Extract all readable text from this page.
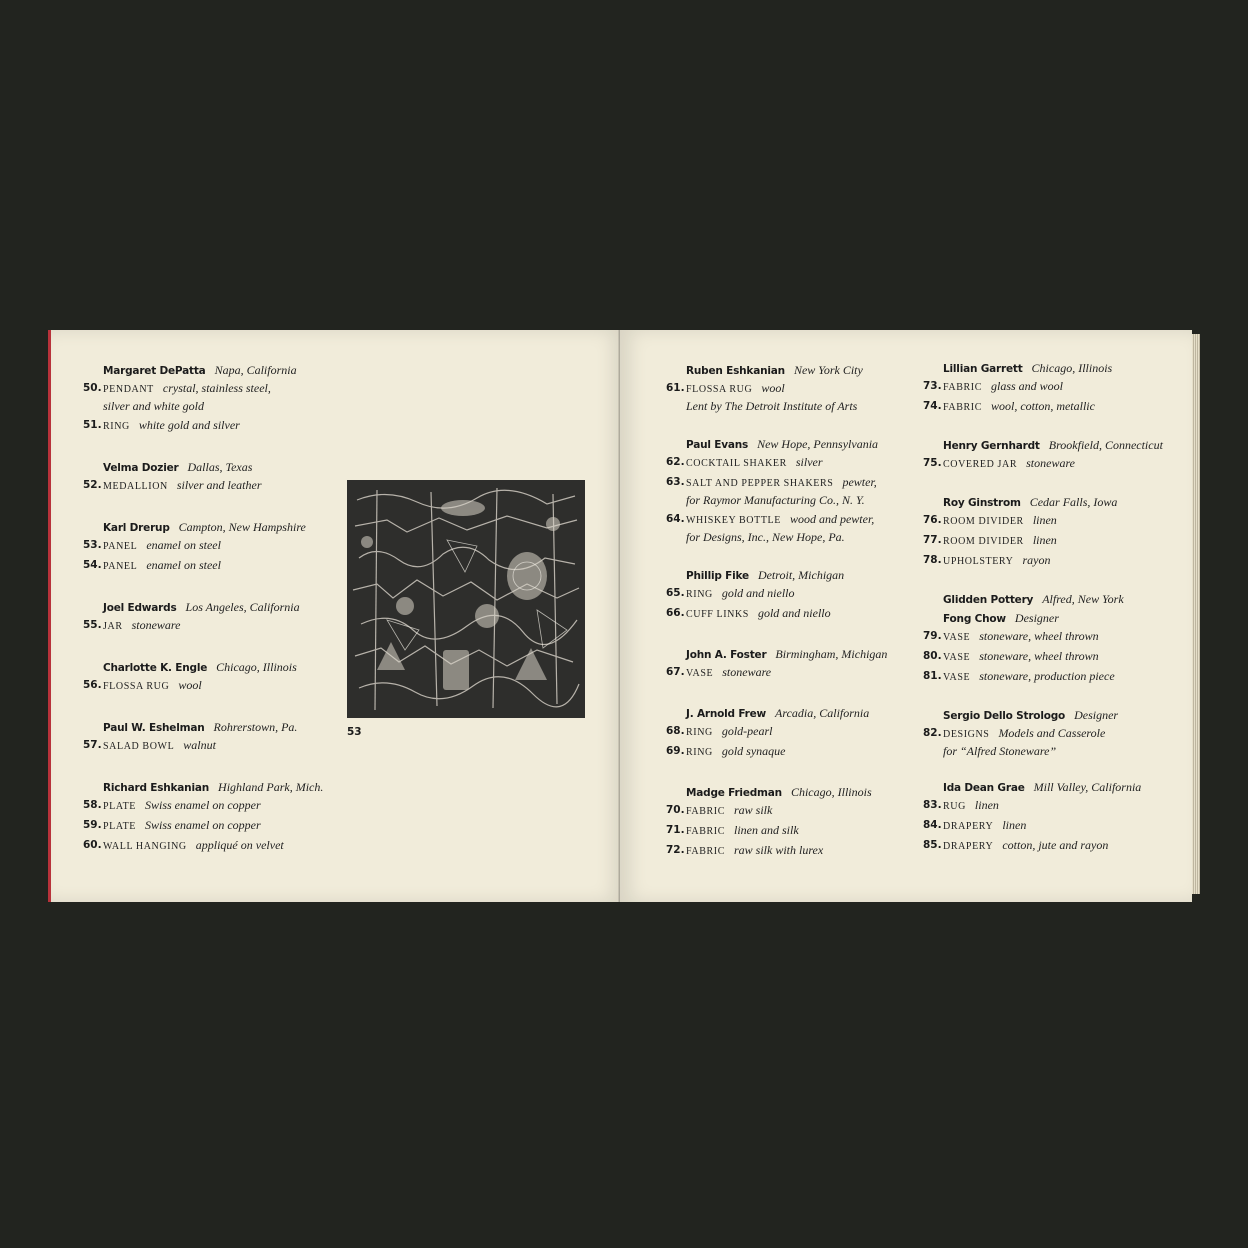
Margaret DePatta Napa, California
50. PENDANT crystal, stainless steel,
silver and white gold
51. RING white gold and silver
Velma Dozier Dallas, Texas
52. MEDALLION silver and leather
Karl Drerup Campton, New Hampshire
53. PANEL enamel on steel
54. PANEL enamel on steel
Joel Edwards Los Angeles, California
55. JAR stoneware
Charlotte K. Engle Chicago, Illinois
56. FLOSSA RUG wool
Paul W. Eshelman Rohrerstown, Pa.
57. SALAD BOWL walnut
Richard Eshkanian Highland Park, Mich.
58. PLATE Swiss enamel on copper
59. PLATE Swiss enamel on copper
60. WALL HANGING appliqué on velvet
53
Ruben Eshkanian New York City
61. FLOSSA RUG wool
Lent by The Detroit Institute of Arts
Paul Evans New Hope, Pennsylvania
62. COCKTAIL SHAKER silver
63. SALT AND PEPPER SHAKERS pewter,
for Raymor Manufacturing Co., N. Y.
64. WHISKEY BOTTLE wood and pewter,
for Designs, Inc., New Hope, Pa.
Phillip Fike Detroit, Michigan
65. RING gold and niello
66. CUFF LINKS gold and niello
John A. Foster Birmingham, Michigan
67. VASE stoneware
J. Arnold Frew Arcadia, California
68. RING gold-pearl
69. RING gold synaque
Madge Friedman Chicago, Illinois
70. FABRIC raw silk
71. FABRIC linen and silk
72. FABRIC raw silk with lurex
Lillian Garrett Chicago, Illinois
73. FABRIC glass and wool
74. FABRIC wool, cotton, metallic
Henry Gernhardt Brookfield, Connecticut
75. COVERED JAR stoneware
Roy Ginstrom Cedar Falls, Iowa
76. ROOM DIVIDER linen
77. ROOM DIVIDER linen
78. UPHOLSTERY rayon
Glidden Pottery Alfred, New York
Fong Chow Designer
79. VASE stoneware, wheel thrown
80. VASE stoneware, wheel thrown
81. VASE stoneware, production piece
Sergio Dello Strologo Designer
82. DESIGNS Models and Casserole
for “Alfred Stoneware”
Ida Dean Grae Mill Valley, California
83. RUG linen
84. DRAPERY linen
85. DRAPERY cotton, jute and rayon
